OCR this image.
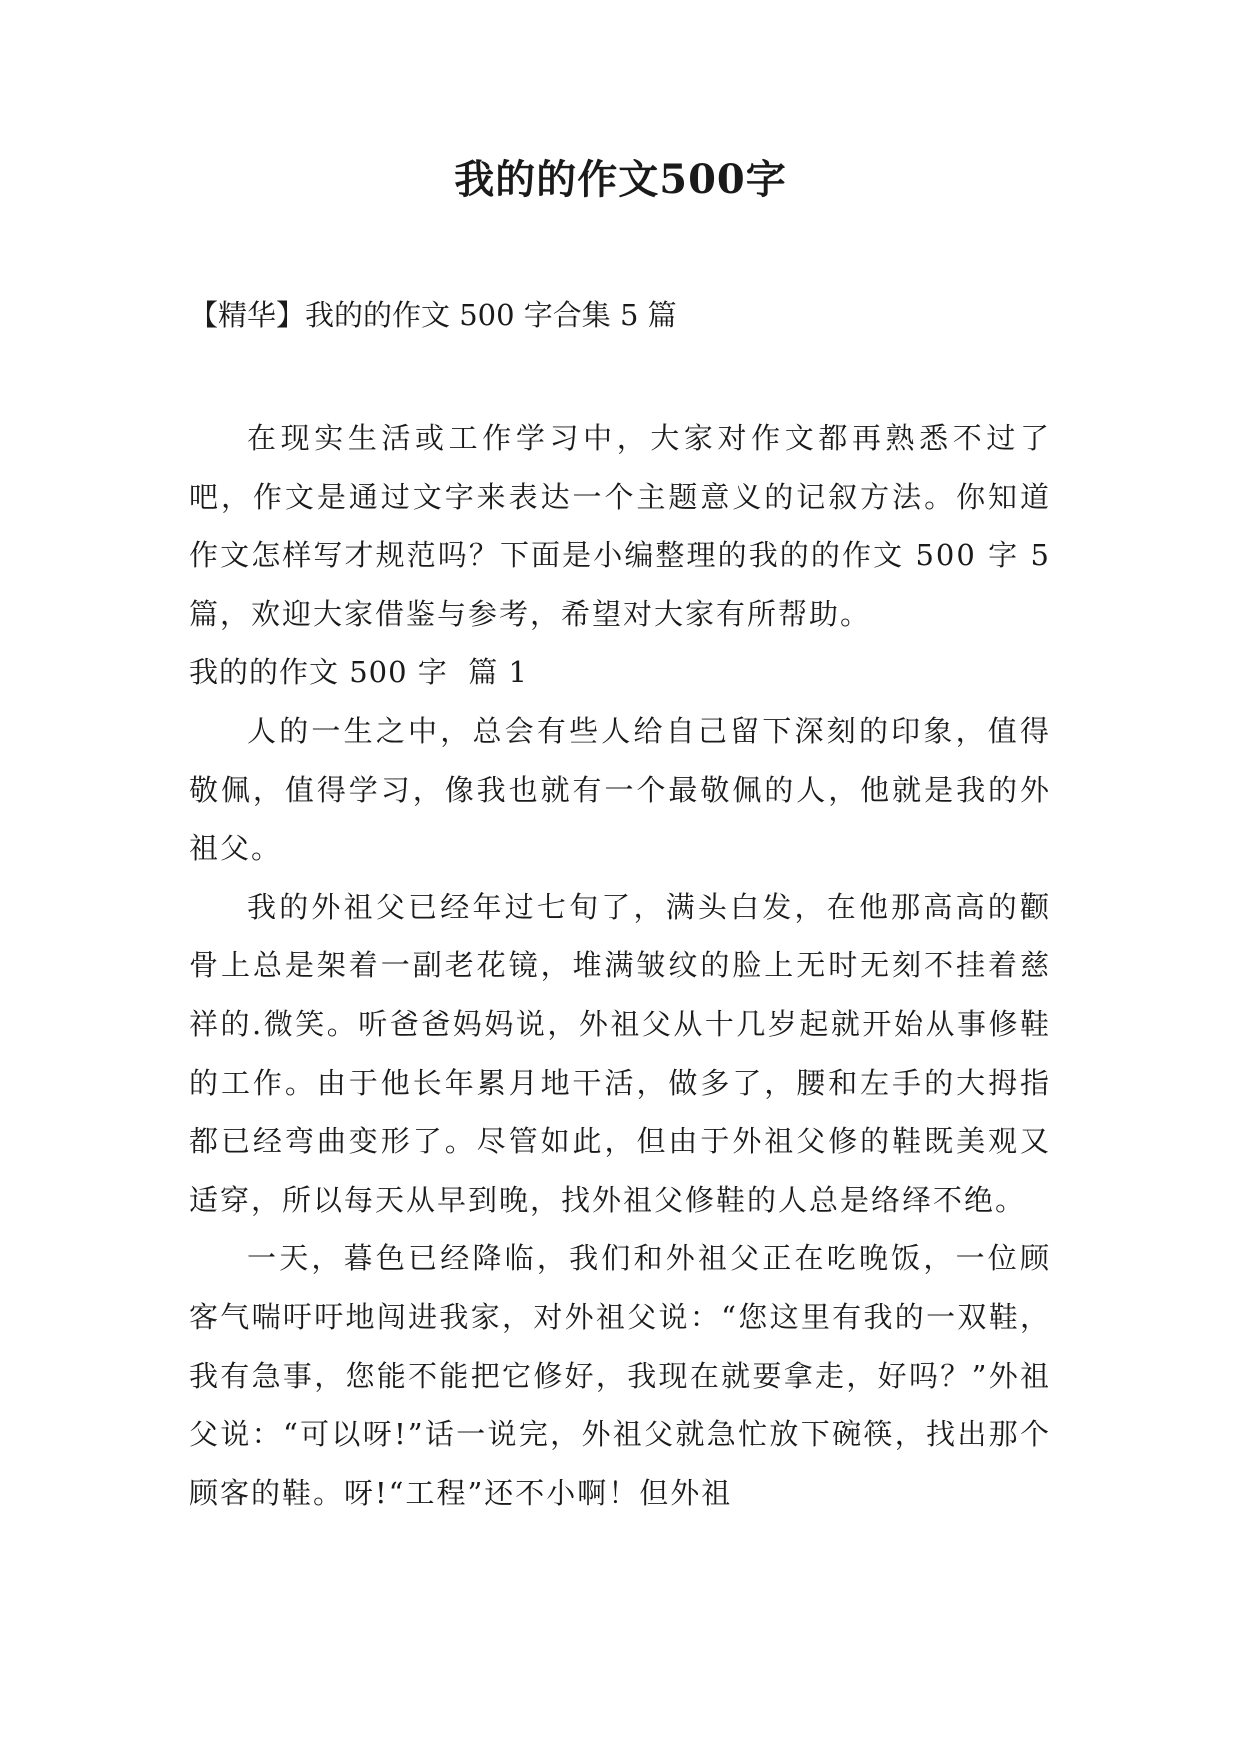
我的的作文500字
【精华】我的的作文 500 字合集 5 篇

在现实生活或工作学习中，大家对作文都再熟悉不过了吧，作文是通过文字来表达一个主题意义的记叙方法。你知道作文怎样写才规范吗？下面是小编整理的我的的作文 500 字 5 篇，欢迎大家借鉴与参考，希望对大家有所帮助。

我的的作文 500 字  篇 1

人的一生之中，总会有些人给自己留下深刻的印象，值得敬佩，值得学习，像我也就有一个最敬佩的人，他就是我的外祖父。

我的外祖父已经年过七旬了，满头白发，在他那高高的颧骨上总是架着一副老花镜，堆满皱纹的脸上无时无刻不挂着慈祥的.微笑。听爸爸妈妈说，外祖父从十几岁起就开始从事修鞋的工作。由于他长年累月地干活，做多了，腰和左手的大拇指都已经弯曲变形了。尽管如此，但由于外祖父修的鞋既美观又适穿，所以每天从早到晚，找外祖父修鞋的人总是络绎不绝。

一天，暮色已经降临，我们和外祖父正在吃晚饭，一位顾客气喘吁吁地闯进我家，对外祖父说：“您这里有我的一双鞋，我有急事，您能不能把它修好，我现在就要拿走，好吗？”外祖父说：“可以呀!”话一说完，外祖父就急忙放下碗筷，找出那个顾客的鞋。呀!“工程”还不小啊！但外祖
